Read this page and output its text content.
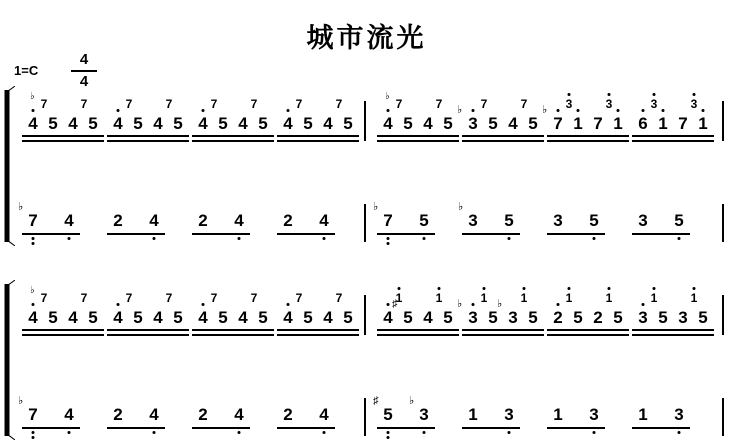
城市流光
$1=C \frac{4}{4}$
4 5
♭
7
4 5
7
4 5
7
4 5
7
4 5
7
4 5
7
4 5
7
4 5
7
4 5
♭
7
4 5
7
3
♭
5
7
4 5
7
7
♭
1
3
7 1
3
6 1
3
7 1
3
7
♭
4 2 4 2 4 2 4	7
♭
5 3
♭
5 3 5 3 5
4 5
♭
7
4 5
7
4 5
7
4 5
7
4 5
7
4 5
7
4 5
7
4 5
7
4 5
♯
1
4 5
1
3
♭
5
1
3
♭
5
1
2 5
1
2 5
1
3 5
1
3 5
1
7
♭
4 2 4 2 4 2 4	5
♯
3
♭
1 3 1 3 1 3
